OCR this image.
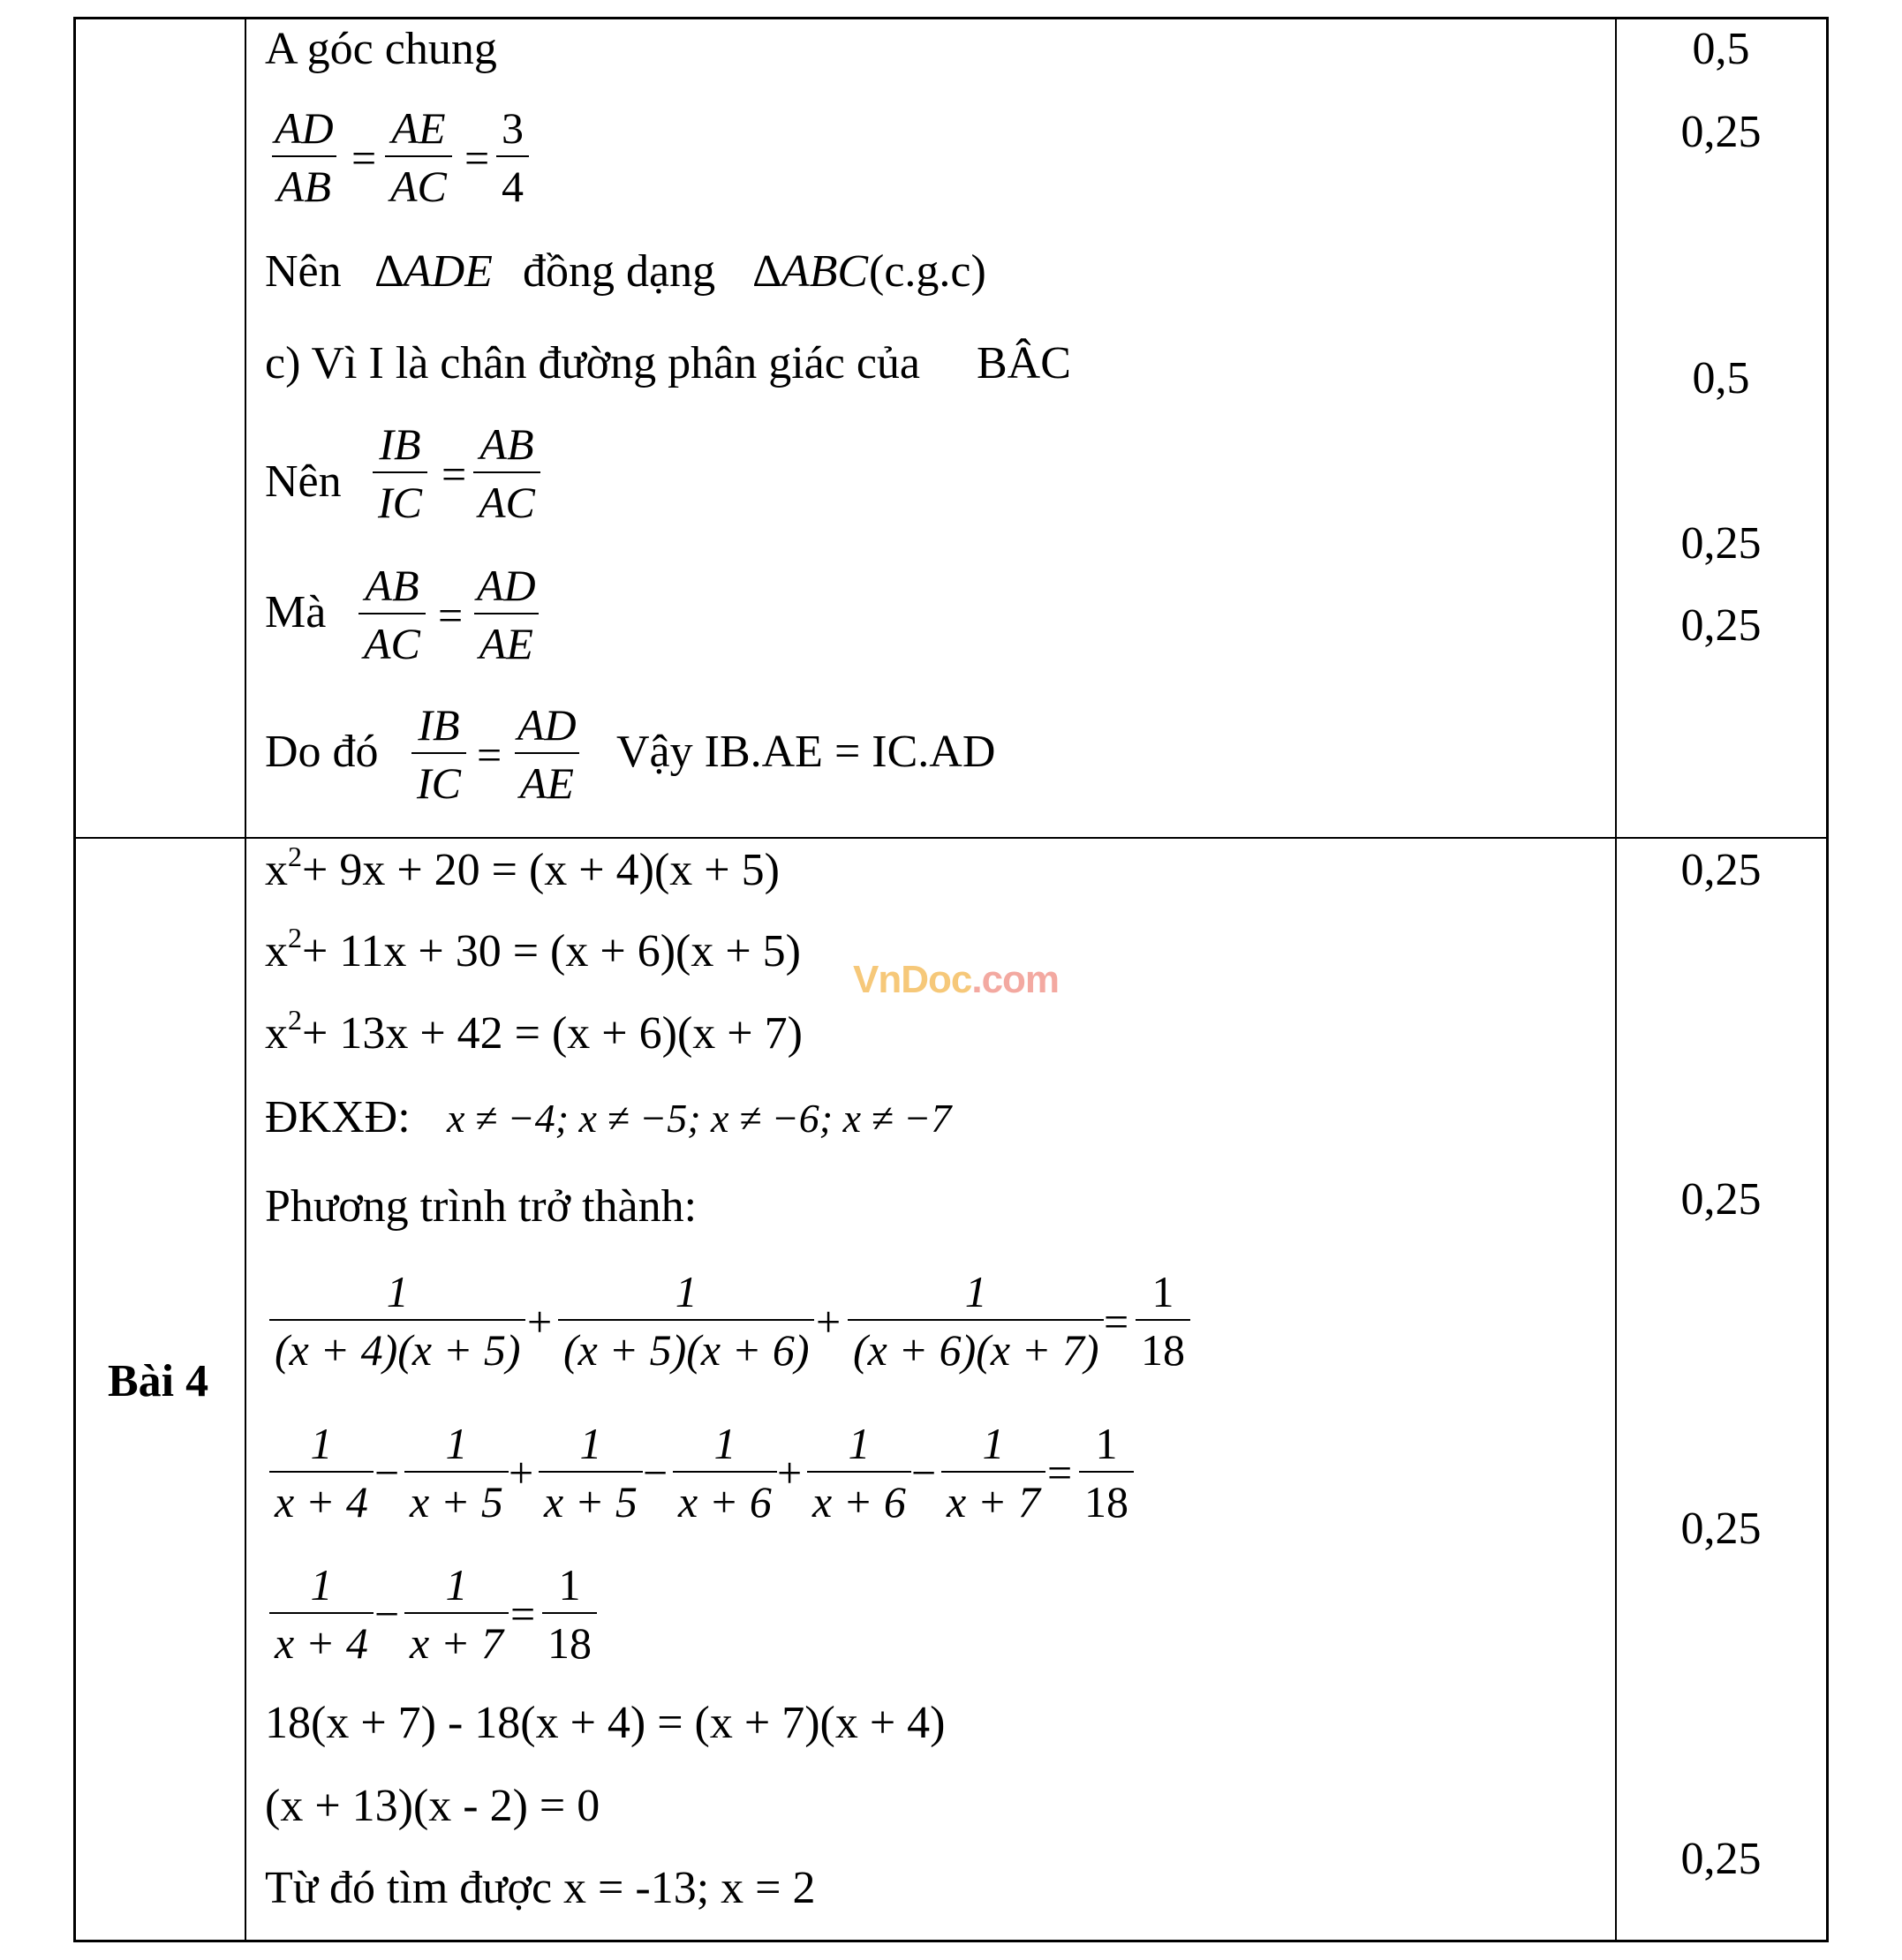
A góc chung
$\frac{AD}{AB} = \frac{AE}{AC} = \frac{3}{4}$
Nên ∆ADE đồng dạng ∆ABC (c.g.c)
c) Vì I là chân đường phân giác của BÂC
Nên $\frac{IB}{IC} = \frac{AB}{AC}$
Mà $\frac{AB}{AC} = \frac{AD}{AE}$
Do đó $\frac{IB}{IC} = \frac{AD}{AE}$ Vậy IB.AE = IC.AD
0,5
0,25
0,5
0,25
0,25
Bài 4
VnDoc.com
$x^2+ 9x + 20 = (x + 4)(x + 5)$
$x^2+ 11x + 30 = (x + 6)(x + 5)$
$x^2+ 13x + 42 = (x + 6)(x + 7)$
ĐKXĐ: x ≠ −4; x ≠ −5; x ≠ −6; x ≠ −7
Phương trình trở thành:
$\frac{1}{(x + 4)(x + 5)} + \frac{1}{(x + 5)(x + 6)} + \frac{1}{(x + 6)(x + 7)} = \frac{1}{18}$
$\frac{1}{x + 4} - \frac{1}{x + 5} + \frac{1}{x + 5} - \frac{1}{x + 6} + \frac{1}{x + 6} - \frac{1}{x + 7} = \frac{1}{18}$
$\frac{1}{x + 4} - \frac{1}{x + 7} = \frac{1}{18}$
18(x + 7) - 18(x + 4) = (x + 7)(x + 4)
(x + 13)(x - 2) = 0
Từ đó tìm được x = -13; x = 2
0,25
0,25
0,25
0,25
